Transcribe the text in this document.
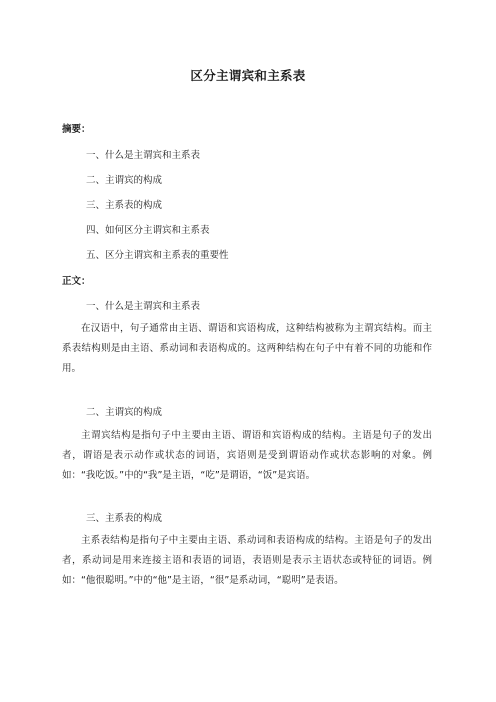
区分主谓宾和主系表
摘要：
一、什么是主谓宾和主系表
二、主谓宾的构成
三、主系表的构成
四、如何区分主谓宾和主系表
五、区分主谓宾和主系表的重要性
正文：
一、什么是主谓宾和主系表

在汉语中，句子通常由主语、谓语和宾语构成，这种结构被称为主谓宾结构。而主系表结构则是由主语、系动词和表语构成的。这两种结构在句子中有着不同的功能和作用。

二、主谓宾的构成

主谓宾结构是指句子中主要由主语、谓语和宾语构成的结构。主语是句子的发出者，谓语是表示动作或状态的词语，宾语则是受到谓语动作或状态影响的对象。例如：“我吃饭。”中的“我”是主语，“吃”是谓语，“饭”是宾语。

三、主系表的构成

主系表结构是指句子中主要由主语、系动词和表语构成的结构。主语是句子的发出者，系动词是用来连接主语和表语的词语，表语则是表示主语状态或特征的词语。例如：“他很聪明。”中的“他”是主语，“很”是系动词，“聪明”是表语。
